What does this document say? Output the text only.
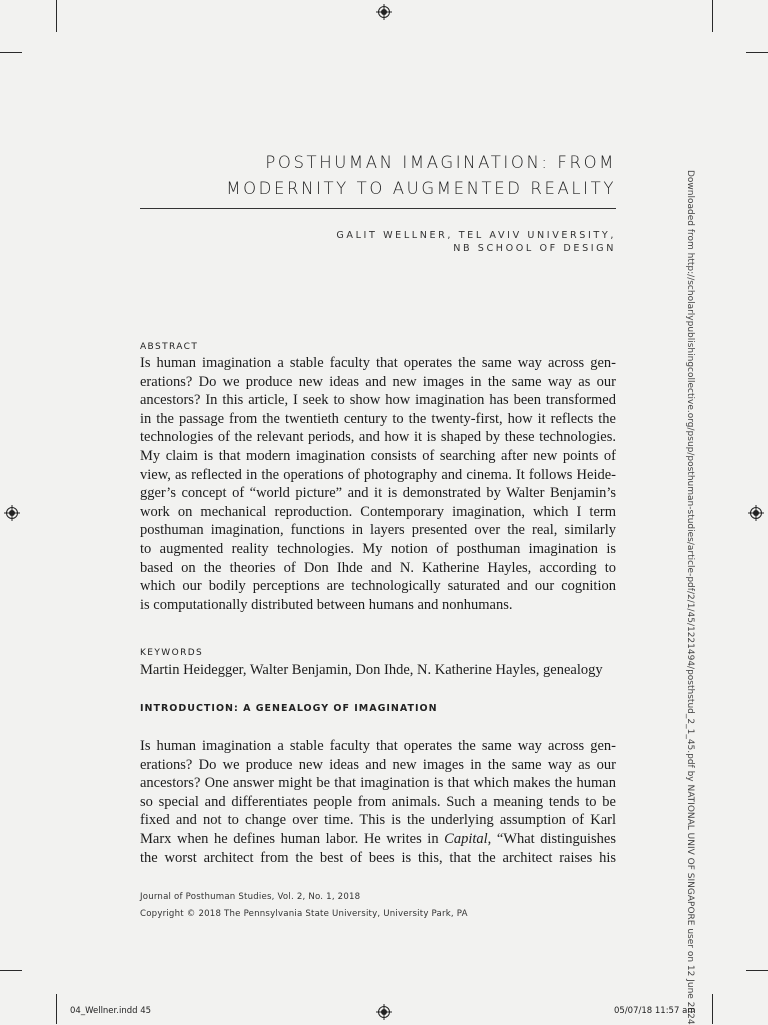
POSTHUMAN IMAGINATION: FROM
MODERNITY TO AUGMENTED REALITY
GALIT WELLNER, TEL AVIV UNIVERSITY,
NB SCHOOL OF DESIGN
ABSTRACT
Is human imagination a stable faculty that operates the same way across gen-
erations? Do we produce new ideas and new images in the same way as our
ancestors? In this article, I seek to show how imagination has been transformed
in the passage from the twentieth century to the twenty-first, how it reflects the
technologies of the relevant periods, and how it is shaped by these technologies.
My claim is that modern imagination consists of searching after new points of
view, as reflected in the operations of photography and cinema. It follows Heide-
gger’s concept of “world picture” and it is demonstrated by Walter Benjamin’s
work on mechanical reproduction. Contemporary imagination, which I term
posthuman imagination, functions in layers presented over the real, similarly
to augmented reality technologies. My notion of posthuman imagination is
based on the theories of Don Ihde and N. Katherine Hayles, according to
which our bodily perceptions are technologically saturated and our cognition
is computationally distributed between humans and nonhumans.
KEYWORDS
Martin Heidegger, Walter Benjamin, Don Ihde, N. Katherine Hayles, genealogy
INTRODUCTION: A GENEALOGY OF IMAGINATION
Is human imagination a stable faculty that operates the same way across gen-
erations? Do we produce new ideas and new images in the same way as our
ancestors? One answer might be that imagination is that which makes the human
so special and differentiates people from animals. Such a meaning tends to be
fixed and not to change over time. This is the underlying assumption of Karl
Marx when he defines human labor. He writes in Capital, “What distinguishes
the worst architect from the best of bees is this, that the architect raises his
Journal of Posthuman Studies, Vol. 2, No. 1, 2018
Copyright © 2018 The Pennsylvania State University, University Park, PA	Downloaded from http://scholarlypublishingcollective.org/psup/posthuman-studies/article-pdf/2/1/45/1221494/posthstud_2_1_45.pdf by NATIONAL UNIV OF SINGAPORE user on 12 June 2024
04_Wellner.indd 45	05/07/18 11:57 am
